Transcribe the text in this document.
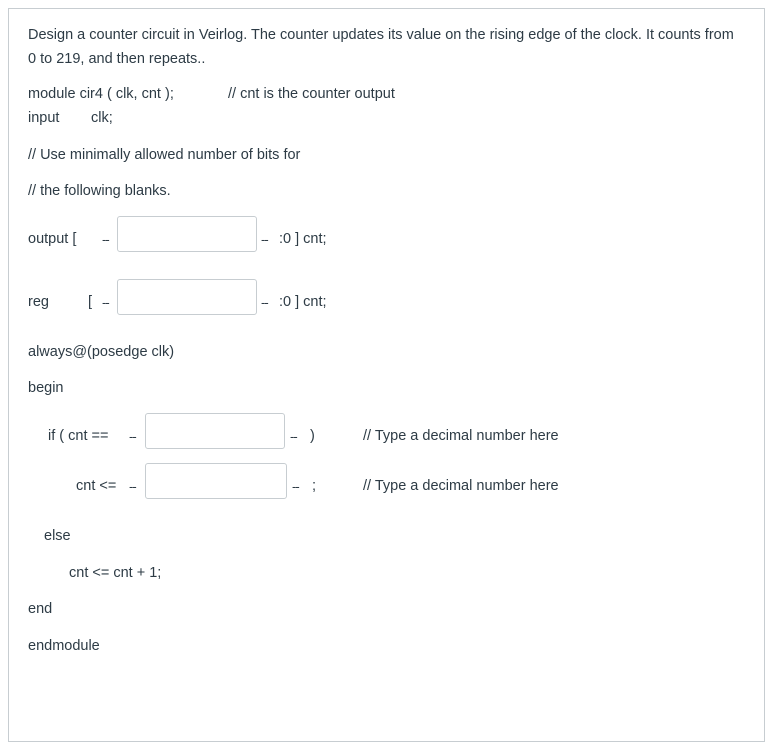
Design a counter circuit in Veirlog. The counter updates its value on the rising edge of the clock. It counts from 0 to 219, and then repeats..
module cir4 ( clk, cnt );	// cnt is the counter output
input clk;
// Use minimally allowed number of bits for
// the following blanks.
output [ --	-- :0 ] cnt;
reg	[ --	-- :0 ] cnt;
always@(posedge clk)
begin
if ( cnt == --	-- )	// Type a decimal number here
cnt <= --	-- ;	// Type a decimal number here
else
cnt <= cnt + 1;
end
endmodule
